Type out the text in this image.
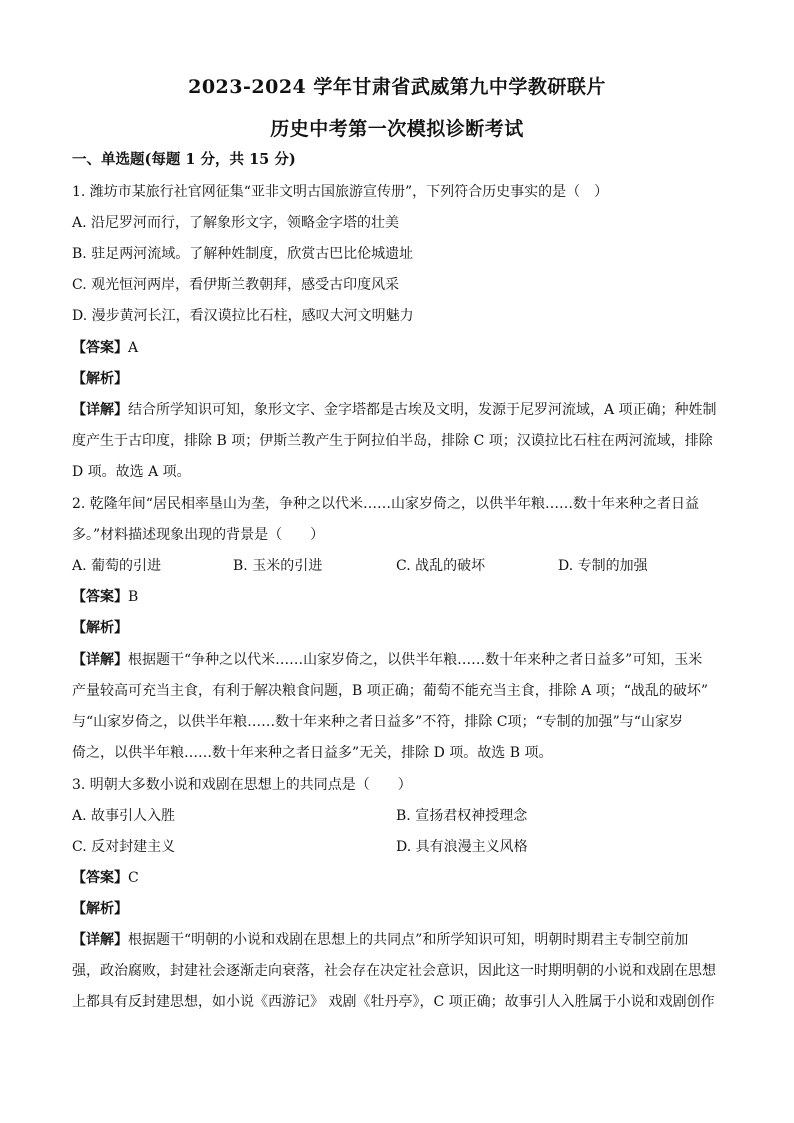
2023-2024 学年甘肃省武威第九中学教研联片
历史中考第一次模拟诊断考试
一、单选题(每题 1 分，共 15 分)
1. 潍坊市某旅行社官网征集“亚非文明古国旅游宣传册”，下列符合历史事实的是（　）
A. 沿尼罗河而行，了解象形文字，领略金字塔的壮美
B. 驻足两河流域。了解种姓制度，欣赏古巴比伦城遗址
C. 观光恒河两岸，看伊斯兰教朝拜，感受古印度风采
D. 漫步黄河长江，看汉谟拉比石柱，感叹大河文明魅力
【答案】A
【解析】
【详解】结合所学知识可知，象形文字、金字塔都是古埃及文明，发源于尼罗河流域，A 项正确；种姓制
度产生于古印度，排除 B 项；伊斯兰教产生于阿拉伯半岛，排除 C 项；汉谟拉比石柱在两河流域，排除
D 项。故选 A 项。
2. 乾隆年间“居民相率垦山为垄，争种之以代米……山家岁倚之，以供半年粮……数十年来种之者日益
多。”材料描述现象出现的背景是（　　）
A. 葡萄的引进	B. 玉米的引进	C. 战乱的破坏	D. 专制的加强
【答案】B
【解析】
【详解】根据题干“争种之以代米……山家岁倚之，以供半年粮……数十年来种之者日益多”可知，玉米
产量较高可充当主食，有利于解决粮食问题，B 项正确；葡萄不能充当主食，排除 A 项；“战乱的破坏”
与“山家岁倚之，以供半年粮……数十年来种之者日益多”不符，排除 C项；“专制的加强”与“山家岁
倚之，以供半年粮……数十年来种之者日益多”无关，排除 D 项。故选 B 项。
3. 明朝大多数小说和戏剧在思想上的共同点是（　　）
A. 故事引人入胜	B. 宣扬君权神授理念
C. 反对封建主义	D. 具有浪漫主义风格
【答案】C
【解析】
【详解】根据题干“明朝的小说和戏剧在思想上的共同点”和所学知识可知，明朝时期君主专制空前加
强，政治腐败，封建社会逐渐走向衰落，社会存在决定社会意识，因此这一时期明朝的小说和戏剧在思想
上都具有反封建思想，如小说《西游记》 戏剧《牡丹亭》，C 项正确；故事引人入胜属于小说和戏剧创作
